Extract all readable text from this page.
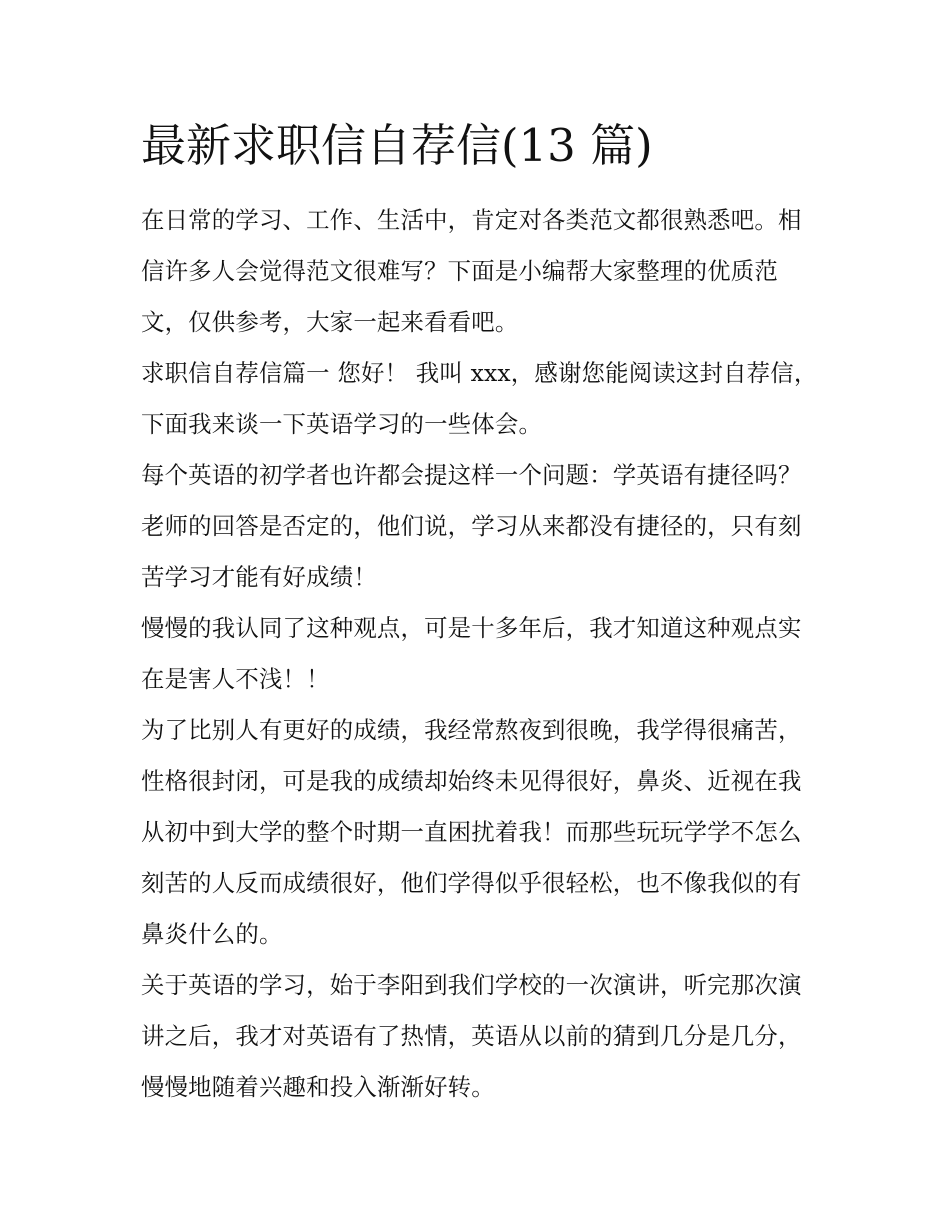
最新求职信自荐信(13 篇)

在日常的学习、工作、生活中，肯定对各类范文都很熟悉吧。相信许多人会觉得范文很难写？下面是小编帮大家整理的优质范文，仅供参考，大家一起来看看吧。

求职信自荐信篇一 您好！ 我叫 xxx，感谢您能阅读这封自荐信，下面我来谈一下英语学习的一些体会。

每个英语的初学者也许都会提这样一个问题：学英语有捷径吗？老师的回答是否定的，他们说，学习从来都没有捷径的，只有刻苦学习才能有好成绩！

慢慢的我认同了这种观点，可是十多年后，我才知道这种观点实在是害人不浅！！

为了比别人有更好的成绩，我经常熬夜到很晚，我学得很痛苦，性格很封闭，可是我的成绩却始终未见得很好，鼻炎、近视在我从初中到大学的整个时期一直困扰着我！而那些玩玩学学不怎么刻苦的人反而成绩很好，他们学得似乎很轻松，也不像我似的有鼻炎什么的。

关于英语的学习，始于李阳到我们学校的一次演讲，听完那次演讲之后，我才对英语有了热情，英语从以前的猜到几分是几分，慢慢地随着兴趣和投入渐渐好转。
